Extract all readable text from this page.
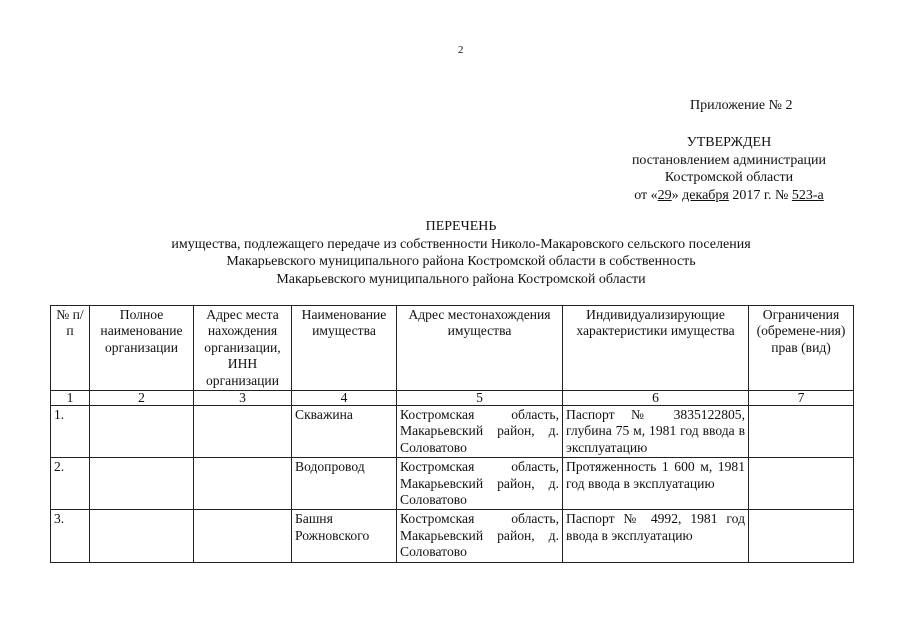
2
Приложение № 2
УТВЕРЖДЕН
постановлением администрации
Костромской области
от «29» декабря 2017 г. № 523-а
ПЕРЕЧЕНЬ
имущества, подлежащего передаче из собственности Николо-Макаровского сельского поселения
Макарьевского муниципального района Костромской области в собственность
Макарьевского муниципального района Костромской области
№ п/п	Полное наименование организации	Адрес места нахождения организации, ИНН организации	Наименование имущества	Адрес местонахождения имущества	Индивидуализирующие характеристики имущества	Ограничения (обремене-ния) прав (вид)
1	2	3	4	5	6	7
1.			Скважина	Костромская область, Макарьевский район, д. Соловатово	Паспорт № 3835122805, глубина 75 м, 1981 год ввода в эксплуатацию	
2.			Водопровод	Костромская область, Макарьевский район, д. Соловатово	Протяженность 1 600 м, 1981 год ввода в эксплуатацию	
3.			Башня Рожновского	Костромская область, Макарьевский район, д. Соловатово	Паспорт № 4992, 1981 год ввода в эксплуатацию	
